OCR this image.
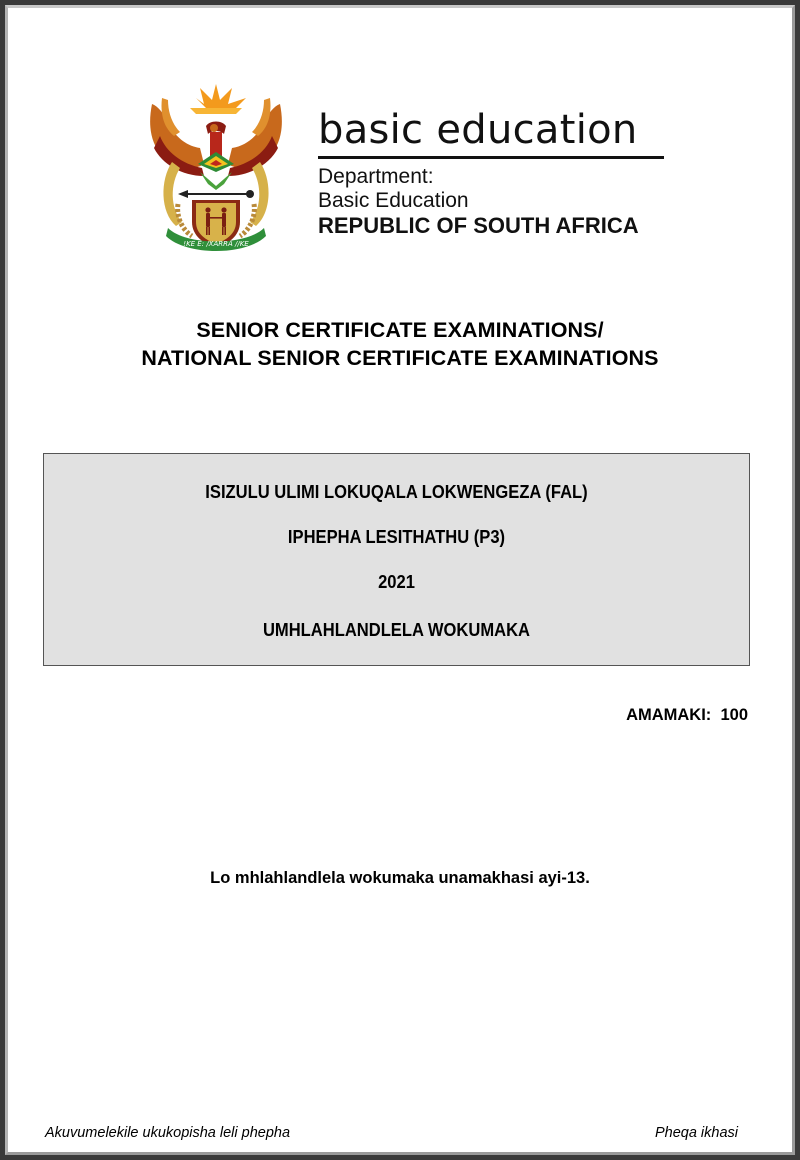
!KE E: /XARRA //KE
basic education
Department:
Basic Education
REPUBLIC OF SOUTH AFRICA
SENIOR CERTIFICATE EXAMINATIONS/
NATIONAL SENIOR CERTIFICATE EXAMINATIONS
ISIZULU ULIMI LOKUQALA LOKWENGEZA (FAL)
IPHEPHA LESITHATHU (P3)
2021
UMHLAHLANDLELA WOKUMAKA
AMAMAKI: 100
Lo mhlahlandlela wokumaka unamakhasi ayi-13.
Akuvumelekile ukukopisha leli phepha	Pheqa ikhasi
